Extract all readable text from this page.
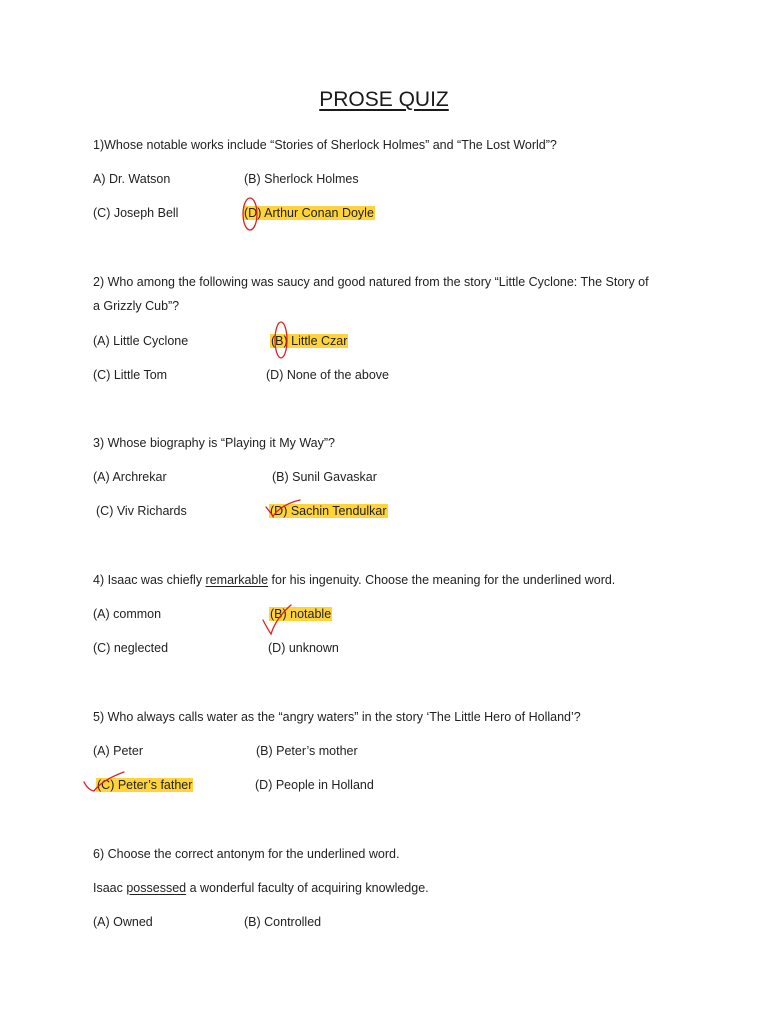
PROSE QUIZ
1)Whose notable works include “Stories of Sherlock Holmes” and “The Lost World”?
A) Dr. Watson	(B) Sherlock Holmes
(C) Joseph Bell	(D) Arthur Conan Doyle
2) Who among the following was saucy and good natured from the story “Little Cyclone: The Story of
a Grizzly Cub”?
(A) Little Cyclone	(B) Little Czar
(C) Little Tom	(D) None of the above
3) Whose biography is “Playing it My Way”?
(A) Archrekar	(B) Sunil Gavaskar
(C) Viv Richards	(D) Sachin Tendulkar
4) Isaac was chiefly remarkable for his ingenuity. Choose the meaning for the underlined word.
(A) common	(B) notable
(C) neglected	(D) unknown
5) Who always calls water as the “angry waters” in the story ‘The Little Hero of Holland’?
(A) Peter	(B) Peter’s mother
(C) Peter’s father	(D) People in Holland
6) Choose the correct antonym for the underlined word.
Isaac possessed a wonderful faculty of acquiring knowledge.
(A) Owned	(B) Controlled
